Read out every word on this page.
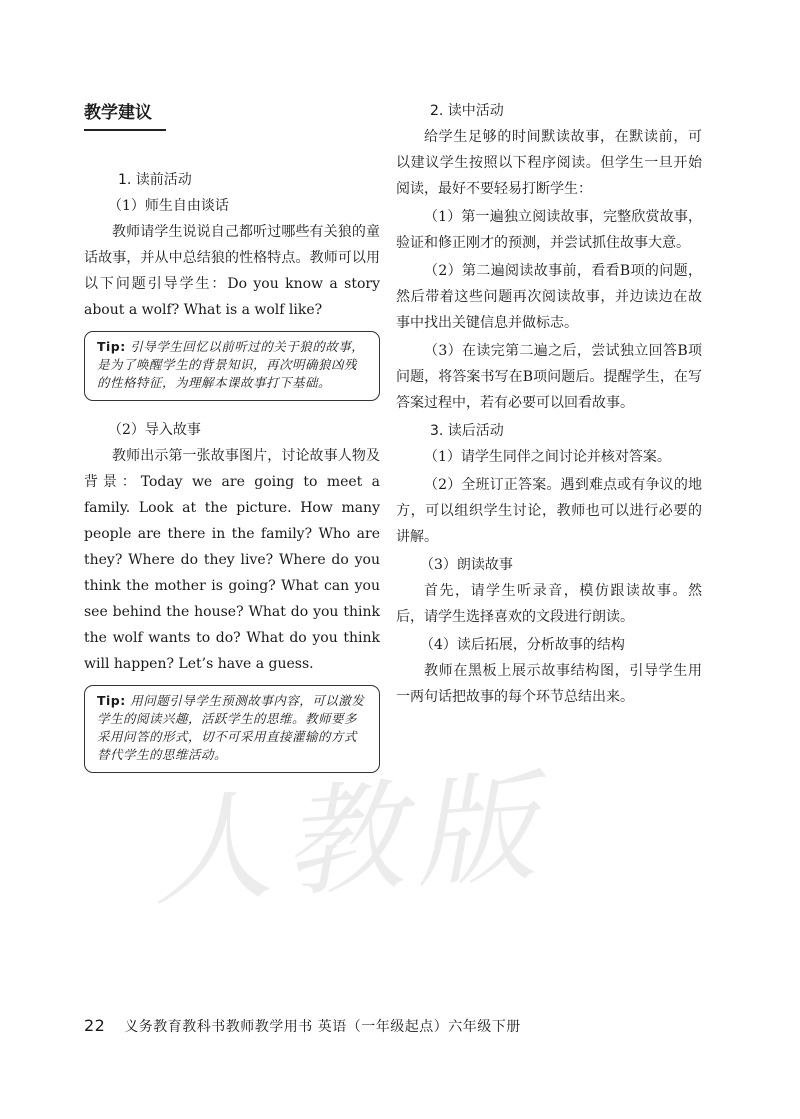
人教版
教学建议
1. 读前活动
（1）师生自由谈话

教师请学生说说自己都听过哪些有关狼的童话故事，并从中总结狼的性格特点。教师可以用以下问题引导学生：Do you know a story about a wolf? What is a wolf like?

Tip: 引导学生回忆以前听过的关于狼的故事，是为了唤醒学生的背景知识，再次明确狼凶残的性格特征，为理解本课故事打下基础。
（2）导入故事

教师出示第一张故事图片，讨论故事人物及背景：Today we are going to meet a family. Look at the picture. How many people are there in the family? Who are they? Where do they live? Where do you think the mother is going? What can you see behind the house? What do you think the wolf wants to do? What do you think will happen? Let’s have a guess.

Tip: 用问题引导学生预测故事内容，可以激发学生的阅读兴趣，活跃学生的思维。教师要多采用问答的形式，切不可采用直接灌输的方式替代学生的思维活动。
2. 读中活动

给学生足够的时间默读故事，在默读前，可以建议学生按照以下程序阅读。但学生一旦开始阅读，最好不要轻易打断学生：

（1）第一遍独立阅读故事，完整欣赏故事，验证和修正刚才的预测，并尝试抓住故事大意。

（2）第二遍阅读故事前，看看B项的问题，然后带着这些问题再次阅读故事，并边读边在故事中找出关键信息并做标志。

（3）在读完第二遍之后，尝试独立回答B项问题，将答案书写在B项问题后。提醒学生，在写答案过程中，若有必要可以回看故事。

3. 读后活动

（1）请学生同伴之间讨论并核对答案。

（2）全班订正答案。遇到难点或有争议的地方，可以组织学生讨论，教师也可以进行必要的讲解。

（3）朗读故事

首先，请学生听录音，模仿跟读故事。然后，请学生选择喜欢的文段进行朗读。

（4）读后拓展，分析故事的结构

教师在黑板上展示故事结构图，引导学生用一两句话把故事的每个环节总结出来。

22 义务教育教科书教师教学用书 英语（一年级起点）六年级下册
